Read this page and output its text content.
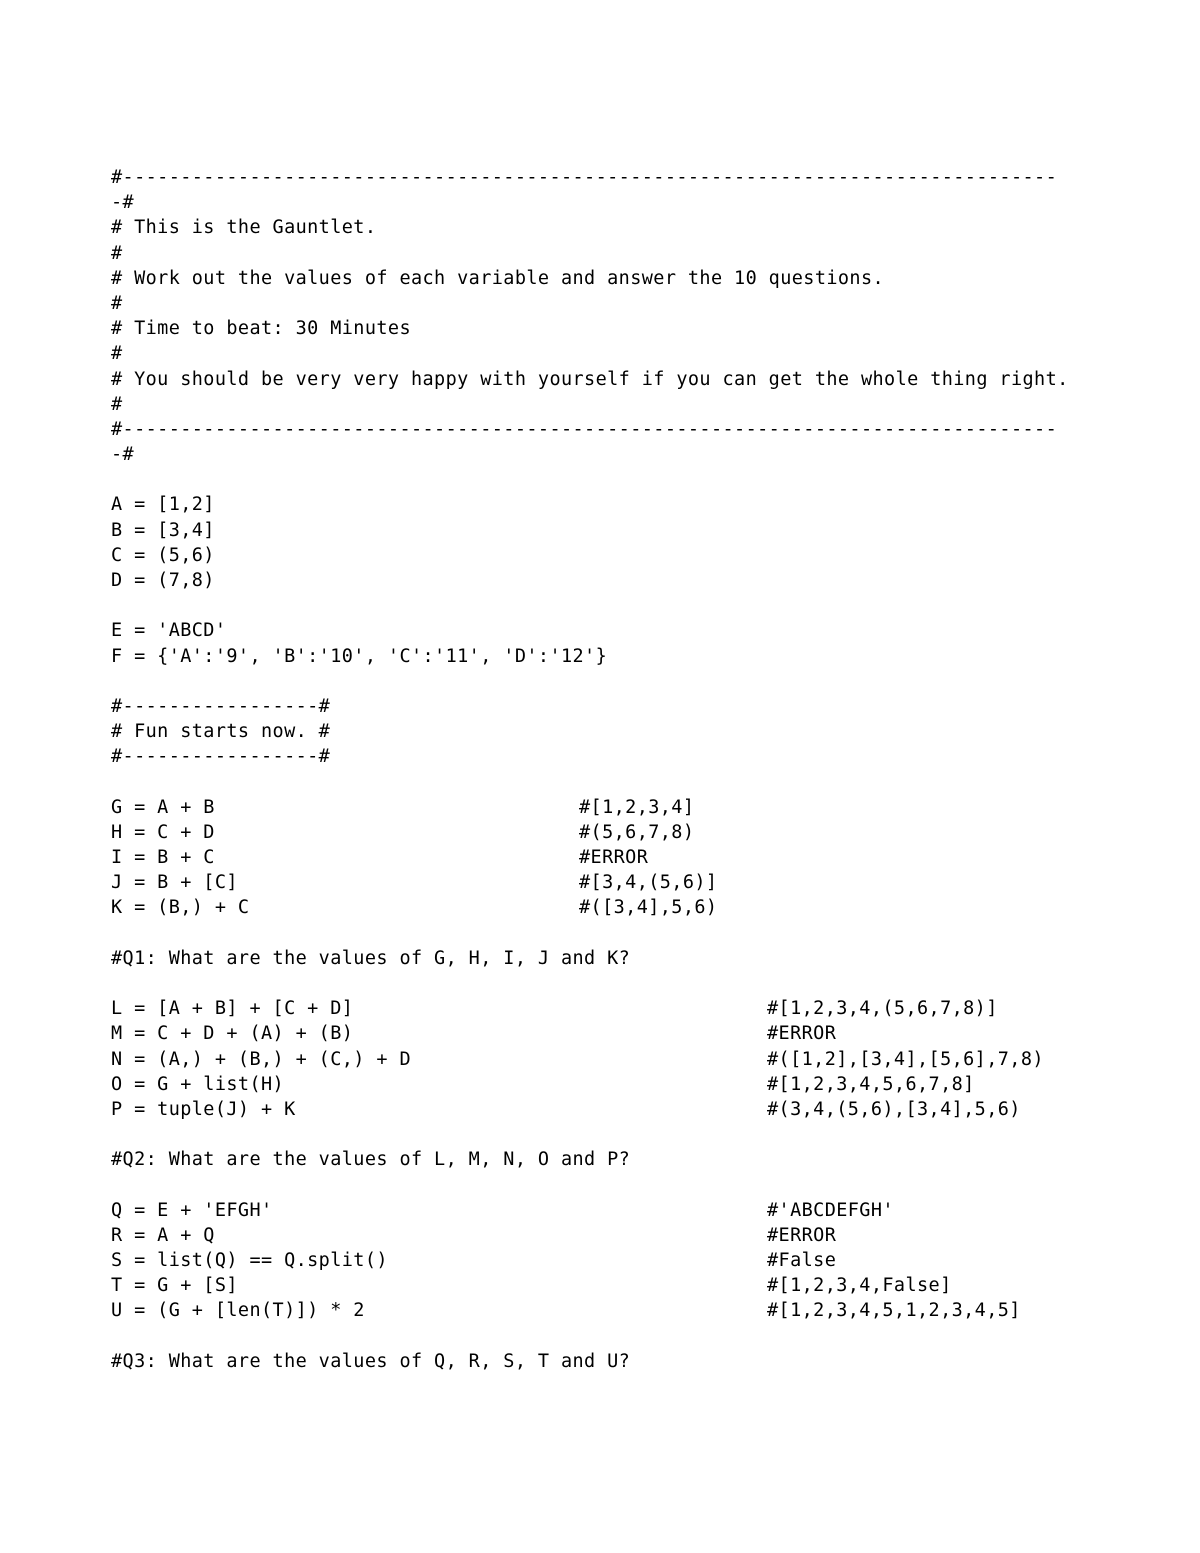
#---------------------------------------------------------------------------------
-#
# This is the Gauntlet.
#
# Work out the values of each variable and answer the 10 questions.
#
# Time to beat: 30 Minutes
#
# You should be very very happy with yourself if you can get the whole thing right.
#
#---------------------------------------------------------------------------------
-#
A = [1,2]
B = [3,4]
C = (5,6)
D = (7,8)
E = 'ABCD'
F = {'A':'9', 'B':'10', 'C':'11', 'D':'12'}
#-----------------#
# Fun starts now. #
#-----------------#
G = A + B	#[1,2,3,4]
H = C + D	#(5,6,7,8)
I = B + C	#ERROR
J = B + [C]	#[3,4,(5,6)]
K = (B,) + C	#([3,4],5,6)
#Q1: What are the values of G, H, I, J and K?
L = [A + B] + [C + D]	#[1,2,3,4,(5,6,7,8)]
M = C + D + (A) + (B)	#ERROR
N = (A,) + (B,) + (C,) + D	#([1,2],[3,4],[5,6],7,8)
O = G + list(H)	#[1,2,3,4,5,6,7,8]
P = tuple(J) + K	#(3,4,(5,6),[3,4],5,6)
#Q2: What are the values of L, M, N, O and P?
Q = E + 'EFGH'	#'ABCDEFGH'
R = A + Q	#ERROR
S = list(Q) == Q.split()	#False
T = G + [S]	#[1,2,3,4,False]
U = (G + [len(T)]) * 2	#[1,2,3,4,5,1,2,3,4,5]
#Q3: What are the values of Q, R, S, T and U?
